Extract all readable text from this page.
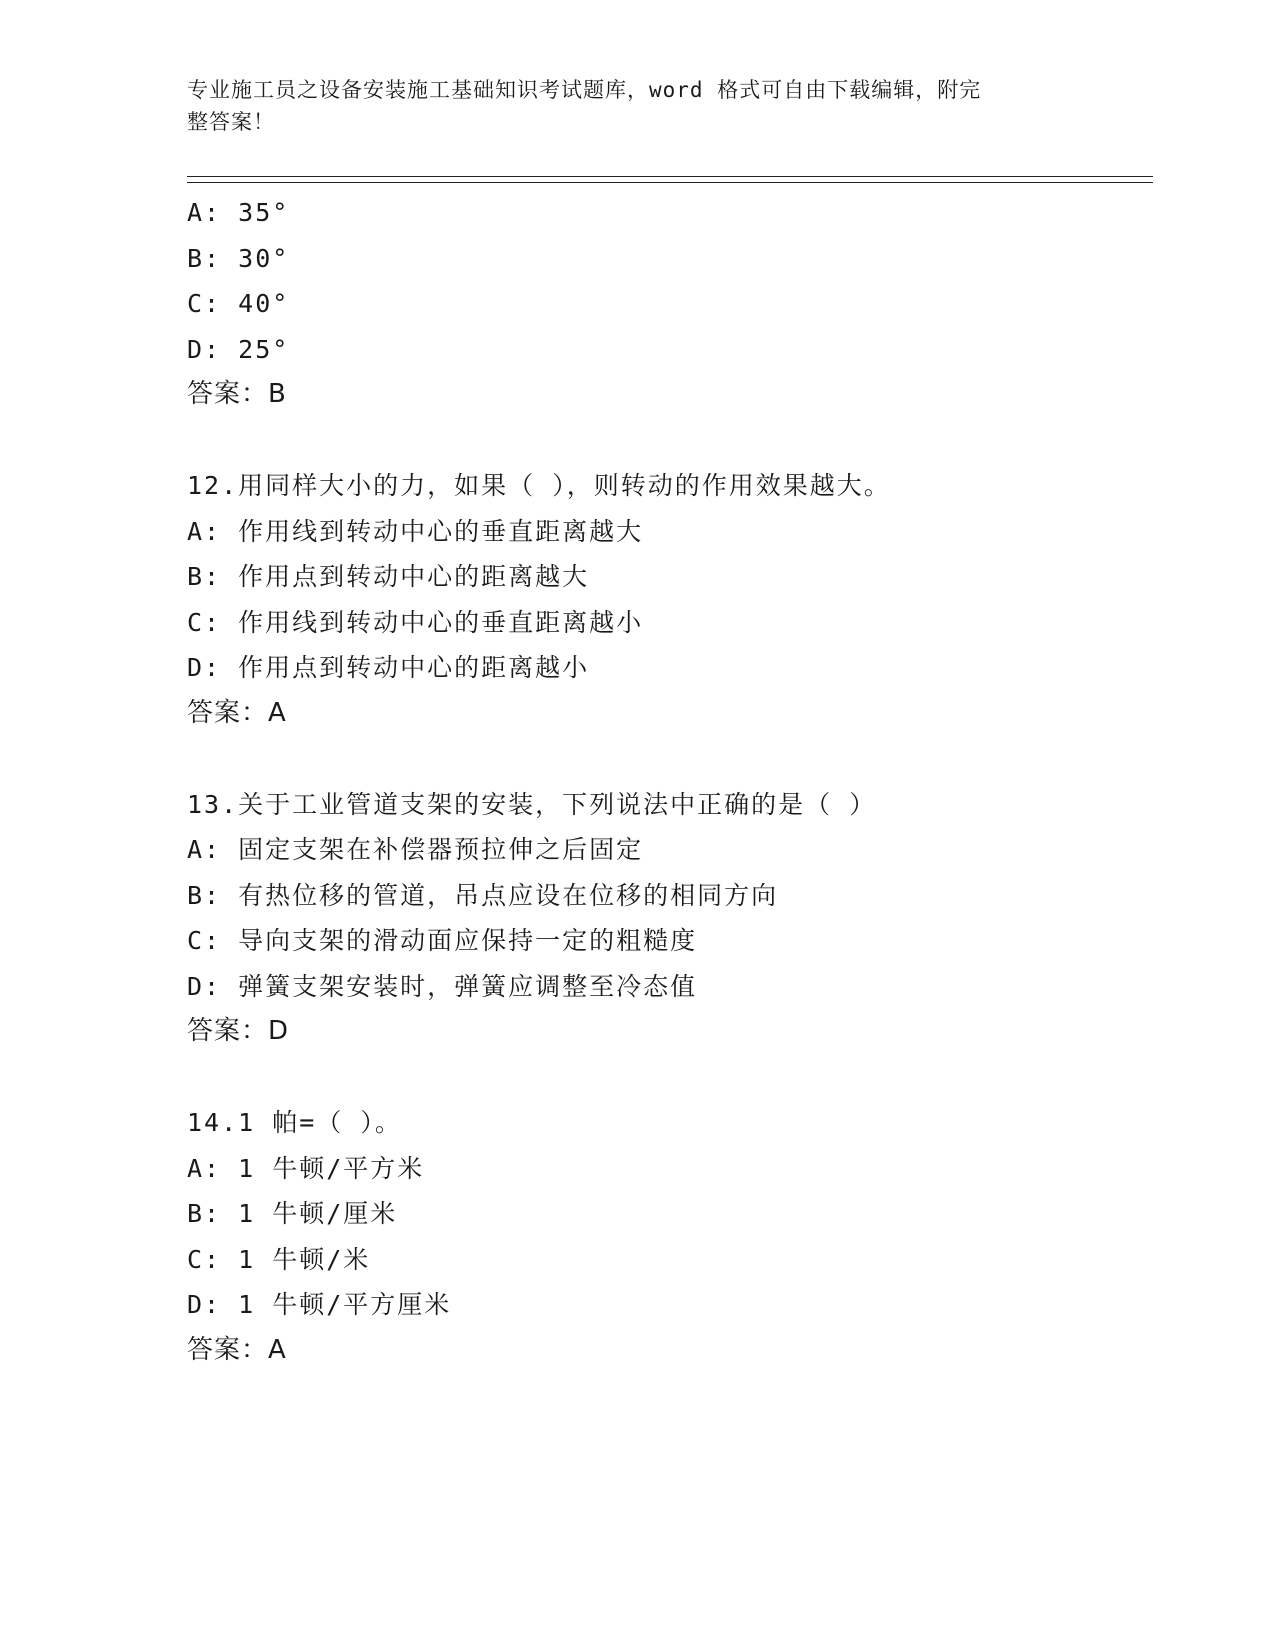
专业施工员之设备安装施工基础知识考试题库，word 格式可自由下载编辑，附完
整答案！
A: 35°
B: 30°
C: 40°
D: 25°
答案：B
12.用同样大小的力，如果（ ），则转动的作用效果越大。
A: 作用线到转动中心的垂直距离越大
B: 作用点到转动中心的距离越大
C: 作用线到转动中心的垂直距离越小
D: 作用点到转动中心的距离越小
答案：A
13.关于工业管道支架的安装，下列说法中正确的是（ ）
A: 固定支架在补偿器预拉伸之后固定
B: 有热位移的管道，吊点应设在位移的相同方向
C: 导向支架的滑动面应保持一定的粗糙度
D: 弹簧支架安装时，弹簧应调整至冷态值
答案：D
14.1 帕=（ ）。
A: 1 牛顿/平方米
B: 1 牛顿/厘米
C: 1 牛顿/米
D: 1 牛顿/平方厘米
答案：A
